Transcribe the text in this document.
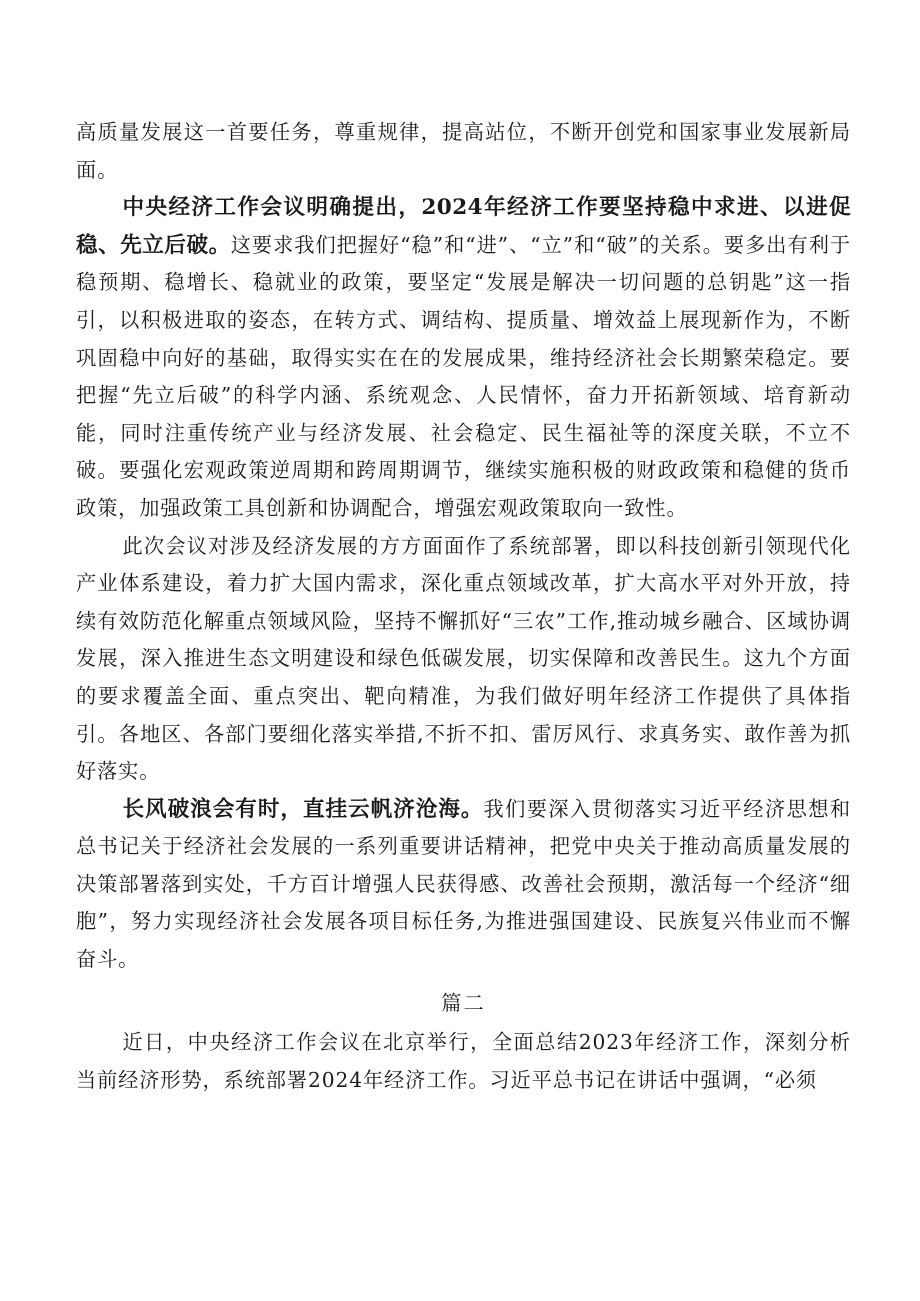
高质量发展这一首要任务，尊重规律，提高站位，不断开创党和国家事业发展新局面。

中央经济工作会议明确提出，2024年经济工作要坚持稳中求进、以进促稳、先立后破。这要求我们把握好“稳”和“进”、“立”和“破”的关系。要多出有利于稳预期、稳增长、稳就业的政策，要坚定“发展是解决一切问题的总钥匙”这一指引，以积极进取的姿态，在转方式、调结构、提质量、增效益上展现新作为，不断巩固稳中向好的基础，取得实实在在的发展成果，维持经济社会长期繁荣稳定。要把握“先立后破”的科学内涵、系统观念、人民情怀，奋力开拓新领域、培育新动能，同时注重传统产业与经济发展、社会稳定、民生福祉等的深度关联，不立不破。要强化宏观政策逆周期和跨周期调节，继续实施积极的财政政策和稳健的货币政策，加强政策工具创新和协调配合，增强宏观政策取向一致性。

此次会议对涉及经济发展的方方面面作了系统部署，即以科技创新引领现代化产业体系建设，着力扩大国内需求，深化重点领域改革，扩大高水平对外开放，持续有效防范化解重点领域风险，坚持不懈抓好“三农”工作,推动城乡融合、区域协调发展，深入推进生态文明建设和绿色低碳发展，切实保障和改善民生。这九个方面的要求覆盖全面、重点突出、靶向精准，为我们做好明年经济工作提供了具体指引。各地区、各部门要细化落实举措,不折不扣、雷厉风行、求真务实、敢作善为抓好落实。

长风破浪会有时，直挂云帆济沧海。我们要深入贯彻落实习近平经济思想和总书记关于经济社会发展的一系列重要讲话精神，把党中央关于推动高质量发展的决策部署落到实处，千方百计增强人民获得感、改善社会预期，激活每一个经济“细胞”，努力实现经济社会发展各项目标任务,为推进强国建设、民族复兴伟业而不懈奋斗。

篇二

近日，中央经济工作会议在北京举行，全面总结2023年经济工作，深刻分析当前经济形势，系统部署2024年经济工作。习近平总书记在讲话中强调，“必须
